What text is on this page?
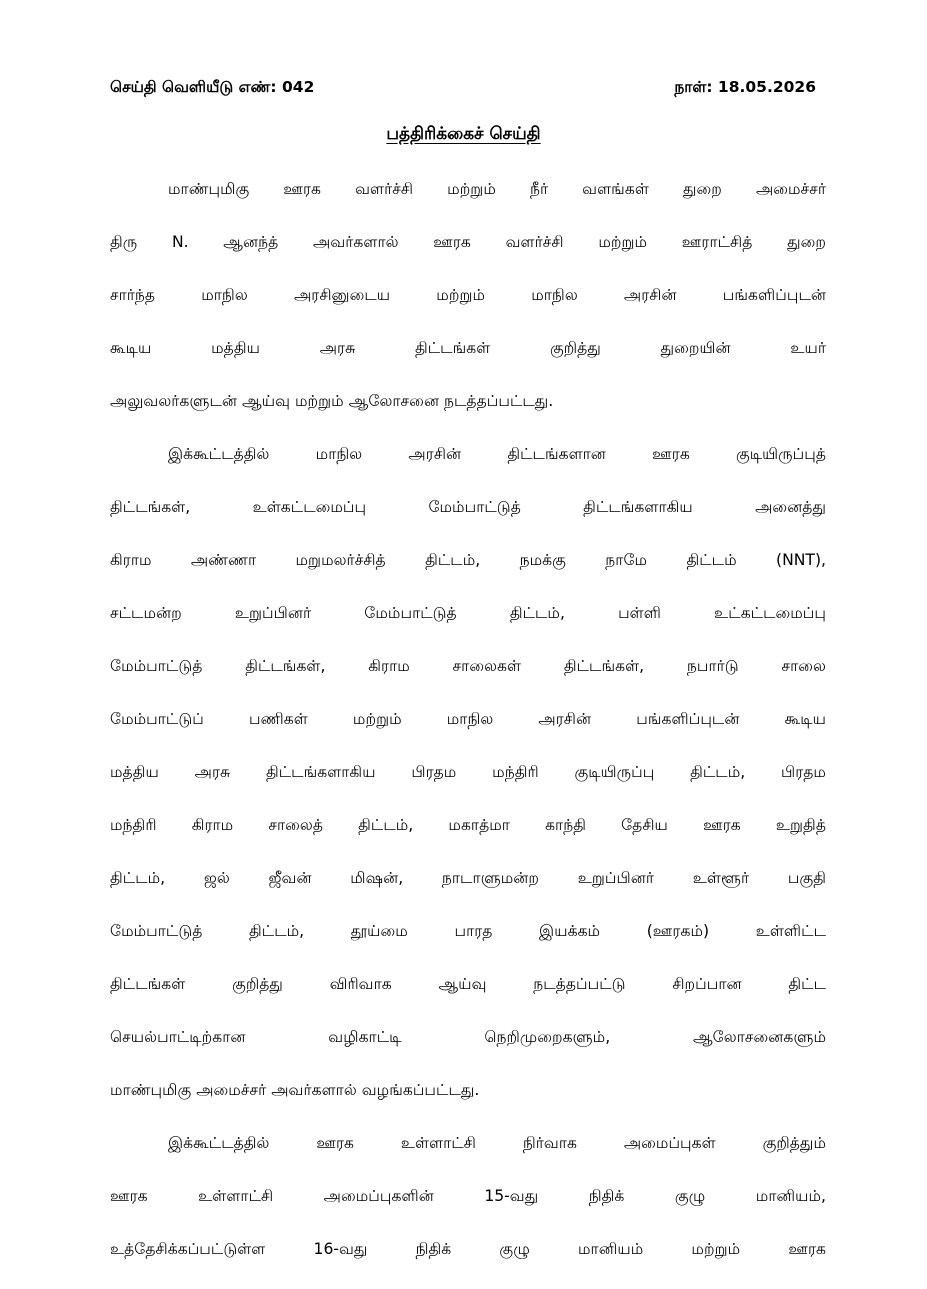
செய்தி வெளியீடு எண்: 042	நாள்: 18.05.2026
பத்திரிக்கைச் செய்தி
மாண்புமிகு ஊரக வளர்ச்சி மற்றும் நீர் வளங்கள் துறை அமைச்சர்
திரு N. ஆனந்த் அவர்களால் ஊரக வளர்ச்சி மற்றும் ஊராட்சித் துறை
சார்ந்த மாநில அரசினுடைய மற்றும் மாநில அரசின் பங்களிப்புடன்
கூடிய மத்திய அரசு திட்டங்கள் குறித்து துறையின் உயர்
அலுவலர்களுடன் ஆய்வு மற்றும் ஆலோசனை நடத்தப்பட்டது.
இக்கூட்டத்தில் மாநில அரசின் திட்டங்களான ஊரக குடியிருப்புத்
திட்டங்கள், உள்கட்டமைப்பு மேம்பாட்டுத் திட்டங்களாகிய அனைத்து
கிராம அண்ணா மறுமலர்ச்சித் திட்டம், நமக்கு நாமே திட்டம் (NNT),
சட்டமன்ற உறுப்பினர் மேம்பாட்டுத் திட்டம், பள்ளி உட்கட்டமைப்பு
மேம்பாட்டுத் திட்டங்கள், கிராம சாலைகள் திட்டங்கள், நபார்டு சாலை
மேம்பாட்டுப் பணிகள் மற்றும் மாநில அரசின் பங்களிப்புடன் கூடிய
மத்திய அரசு திட்டங்களாகிய பிரதம மந்திரி குடியிருப்பு திட்டம், பிரதம
மந்திரி கிராம சாலைத் திட்டம், மகாத்மா காந்தி தேசிய ஊரக உறுதித்
திட்டம், ஜல் ஜீவன் மிஷன், நாடாளுமன்ற உறுப்பினர் உள்ளூர் பகுதி
மேம்பாட்டுத் திட்டம், தூய்மை பாரத இயக்கம் (ஊரகம்) உள்ளிட்ட
திட்டங்கள் குறித்து விரிவாக ஆய்வு நடத்தப்பட்டு சிறப்பான திட்ட
செயல்பாட்டிற்கான வழிகாட்டி நெறிமுறைகளும், ஆலோசனைகளும்
மாண்புமிகு அமைச்சர் அவர்களால் வழங்கப்பட்டது.
இக்கூட்டத்தில் ஊரக உள்ளாட்சி நிர்வாக அமைப்புகள் குறித்தும்
ஊரக உள்ளாட்சி அமைப்புகளின் 15-வது நிதிக் குழு மானியம்,
உத்தேசிக்கப்பட்டுள்ள 16-வது நிதிக் குழு மானியம் மற்றும் ஊரக
